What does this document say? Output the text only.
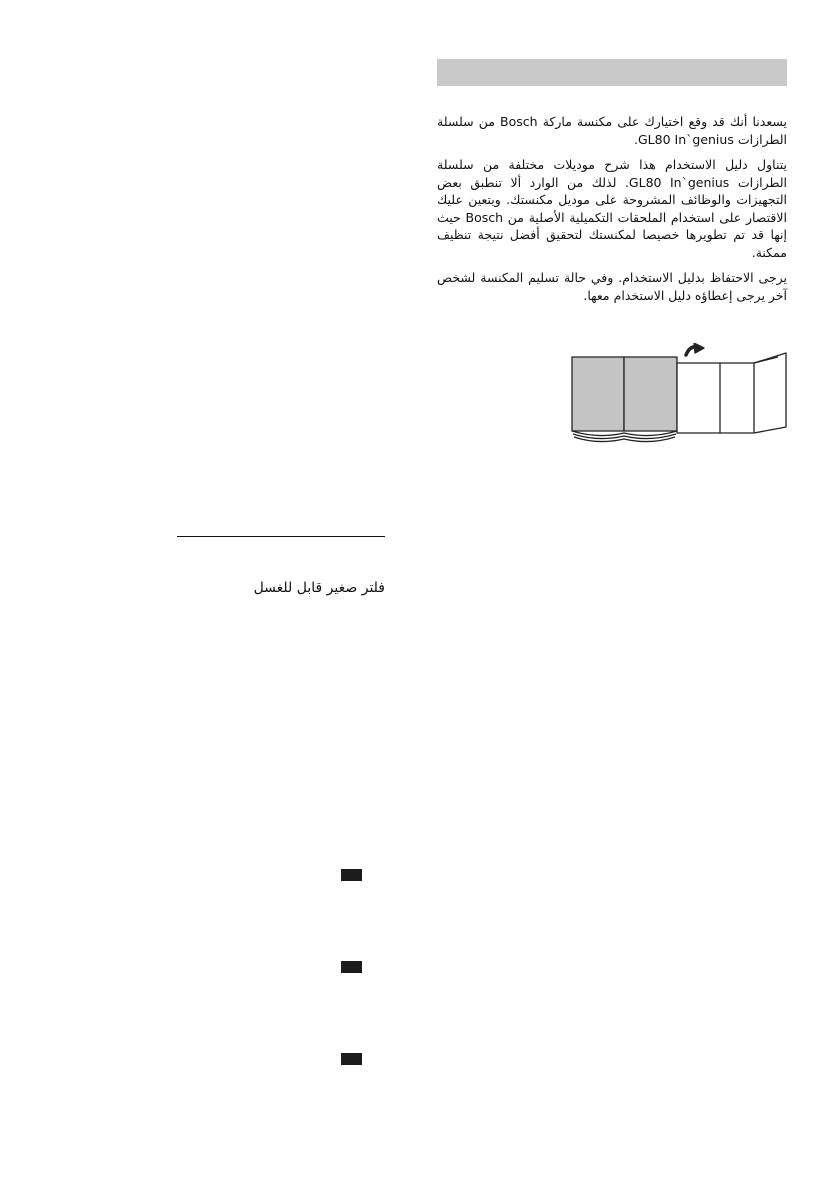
يسعدنا أنك قد وقع اختيارك على مكنسة ماركة Bosch من سلسلة الطرازات GL80 In`genius.

يتناول دليل الاستخدام هذا شرح موديلات مختلفة من سلسلة الطرازات GL80 In`genius. لذلك من الوارد ألا تنطبق بعض التجهيزات والوظائف المشروحة على موديل مكنستك. ويتعين عليك الاقتصار على استخدام الملحقات التكميلية الأصلية من Bosch حيث إنها قد تم تطويرها خصيصا لمكنستك لتحقيق أفضل نتيجة تنظيف ممكنة.

يرجى الاحتفاظ بدليل الاستخدام. وفي حالة تسليم المكنسة لشخص آخر يرجى إعطاؤه دليل الاستخدام معها.

فلتر صغير قابل للغسل
